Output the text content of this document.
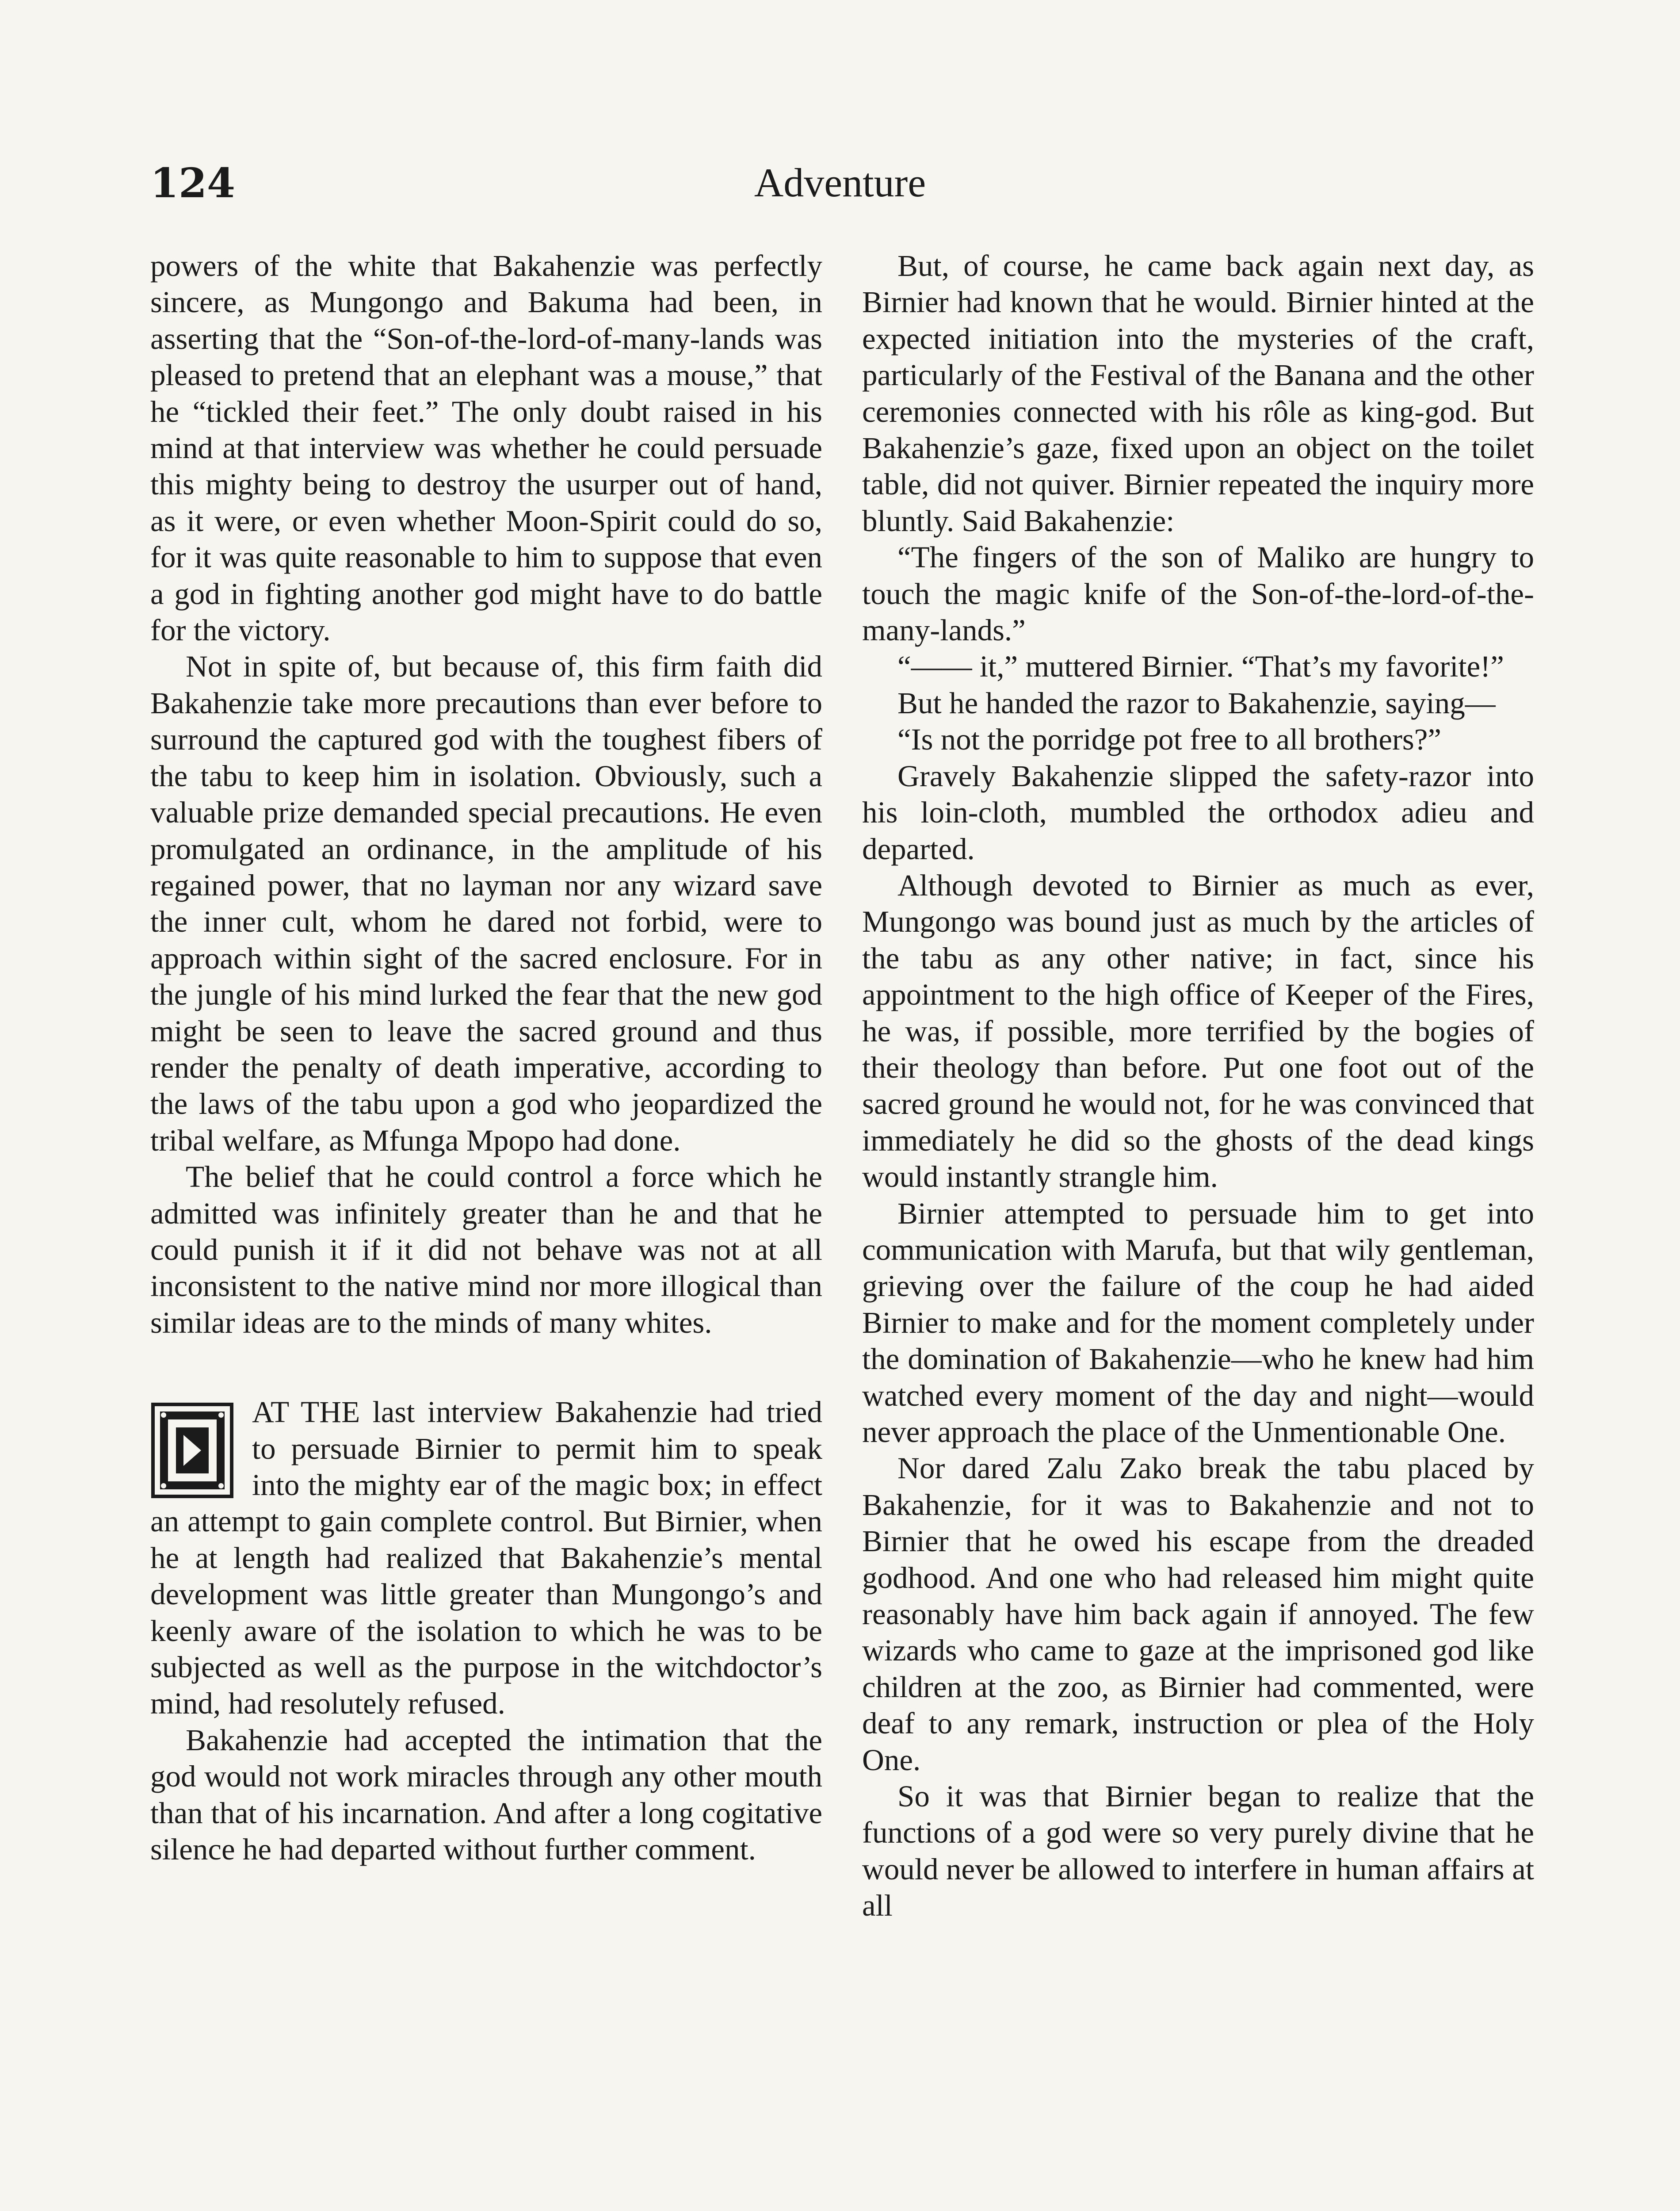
124	Adventure

powers of the white that Bakahenzie was perfectly sincere, as Mungongo and Bakuma had been, in asserting that the “Son-of-the-lord-of-many-lands was pleased to pretend that an elephant was a mouse,” that he “tickled their feet.” The only doubt raised in his mind at that interview was whether he could persuade this mighty being to destroy the usurper out of hand, as it were, or even whether Moon-Spirit could do so, for it was quite reasonable to him to suppose that even a god in fighting another god might have to do battle for the victory.

Not in spite of, but because of, this firm faith did Bakahenzie take more precautions than ever before to surround the captured god with the toughest fibers of the tabu to keep him in isolation. Obviously, such a valuable prize demanded special precautions. He even promulgated an ordinance, in the amplitude of his regained power, that no layman nor any wizard save the inner cult, whom he dared not forbid, were to approach within sight of the sacred enclosure. For in the jungle of his mind lurked the fear that the new god might be seen to leave the sacred ground and thus render the penalty of death imperative, according to the laws of the tabu upon a god who jeopardized the tribal welfare, as Mfunga Mpopo had done.

The belief that he could control a force which he admitted was infinitely greater than he and that he could punish it if it did not behave was not at all inconsistent to the native mind nor more illogical than similar ideas are to the minds of many whites.

AT THE last interview Bakahenzie had tried to persuade Birnier to permit him to speak into the mighty ear of the magic box; in effect an attempt to gain complete control. But Birnier, when he at length had realized that Bakahenzie’s mental development was little greater than Mungongo’s and keenly aware of the isolation to which he was to be subjected as well as the purpose in the witchdoctor’s mind, had resolutely refused.

Bakahenzie had accepted the intimation that the god would not work miracles through any other mouth than that of his incarnation. And after a long cogitative silence he had departed without further comment.

But, of course, he came back again next day, as Birnier had known that he would. Birnier hinted at the expected initiation into the mysteries of the craft, particularly of the Festival of the Banana and the other ceremonies connected with his rôle as king-god. But Bakahenzie’s gaze, fixed upon an object on the toilet table, did not quiver. Birnier repeated the inquiry more bluntly. Said Bakahenzie:

“The fingers of the son of Maliko are hungry to touch the magic knife of the Son-of-the-lord-of-the-many-lands.”

“—— it,” muttered Birnier. “That’s my favorite!”

But he handed the razor to Bakahenzie, saying—

“Is not the porridge pot free to all brothers?”

Gravely Bakahenzie slipped the safety-razor into his loin-cloth, mumbled the orthodox adieu and departed.

Although devoted to Birnier as much as ever, Mungongo was bound just as much by the articles of the tabu as any other native; in fact, since his appointment to the high office of Keeper of the Fires, he was, if possible, more terrified by the bogies of their theology than before. Put one foot out of the sacred ground he would not, for he was convinced that immediately he did so the ghosts of the dead kings would instantly strangle him.

Birnier attempted to persuade him to get into communication with Marufa, but that wily gentleman, grieving over the failure of the coup he had aided Birnier to make and for the moment completely under the domination of Bakahenzie—who he knew had him watched every moment of the day and night—would never approach the place of the Unmentionable One.

Nor dared Zalu Zako break the tabu placed by Bakahenzie, for it was to Bakahenzie and not to Birnier that he owed his escape from the dreaded godhood. And one who had released him might quite reasonably have him back again if annoyed. The few wizards who came to gaze at the imprisoned god like children at the zoo, as Birnier had commented, were deaf to any remark, instruction or plea of the Holy One.

So it was that Birnier began to realize that the functions of a god were so very purely divine that he would never be allowed to interfere in human affairs at all
